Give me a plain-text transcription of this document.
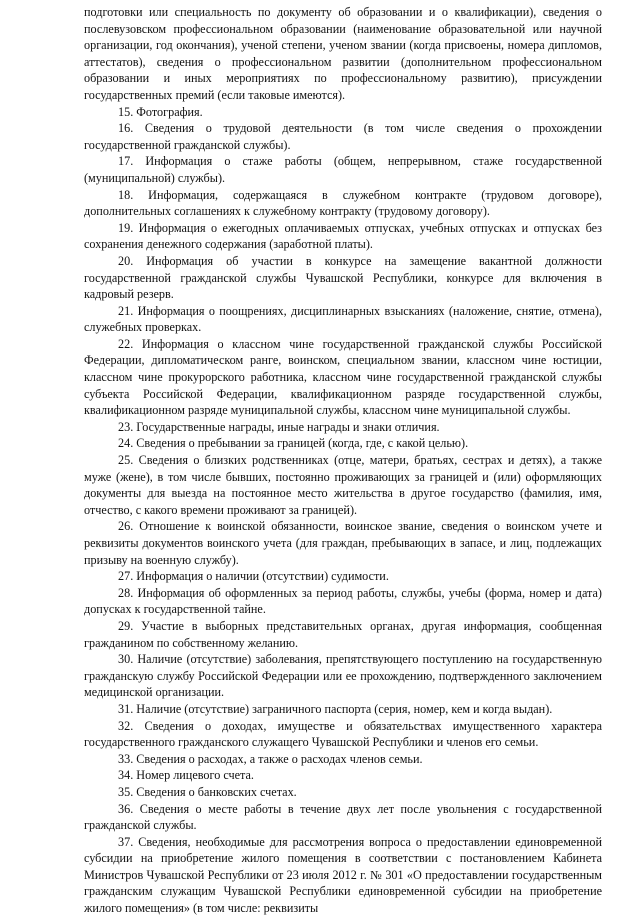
подготовки или специальность по документу об образовании и о квалификации), сведения о послевузовском профессиональном образовании (наименование образовательной или научной организации, год окончания), ученой степени, ученом звании (когда присвоены, номера дипломов, аттестатов), сведения о профессиональном развитии (дополнительном профессиональном образовании и иных мероприятиях по профессиональному развитию), присуждении государственных премий (если таковые имеются).

15. Фотография.

16. Сведения о трудовой деятельности (в том числе сведения о прохождении государственной гражданской службы).

17. Информация о стаже работы (общем, непрерывном, стаже государственной (муниципальной) службы).

18. Информация, содержащаяся в служебном контракте (трудовом договоре), дополнительных соглашениях к служебному контракту (трудовому договору).

19. Информация о ежегодных оплачиваемых отпусках, учебных отпусках и отпусках без сохранения денежного содержания (заработной платы).

20. Информация об участии в конкурсе на замещение вакантной должности государственной гражданской службы Чувашской Республики, конкурсе для включения в кадровый резерв.

21. Информация о поощрениях, дисциплинарных взысканиях (наложение, снятие, отмена), служебных проверках.

22. Информация о классном чине государственной гражданской службы Российской Федерации, дипломатическом ранге, воинском, специальном звании, классном чине юстиции, классном чине прокурорского работника, классном чине государственной гражданской службы субъекта Российской Федерации, квалификационном разряде государственной службы, квалификационном разряде муниципальной службы, классном чине муниципальной службы.

23. Государственные награды, иные награды и знаки отличия.

24. Сведения о пребывании за границей (когда, где, с какой целью).

25. Сведения о близких родственниках (отце, матери, братьях, сестрах и детях), а также муже (жене), в том числе бывших, постоянно проживающих за границей и (или) оформляющих документы для выезда на постоянное место жительства в другое государство (фамилия, имя, отчество, с какого времени проживают за границей).

26. Отношение к воинской обязанности, воинское звание, сведения о воинском учете и реквизиты документов воинского учета (для граждан, пребывающих в запасе, и лиц, подлежащих призыву на военную службу).

27. Информация о наличии (отсутствии) судимости.

28. Информация об оформленных за период работы, службы, учебы (форма, номер и дата) допусках к государственной тайне.

29. Участие в выборных представительных органах, другая информация, сообщенная гражданином по собственному желанию.

30. Наличие (отсутствие) заболевания, препятствующего поступлению на государственную гражданскую службу Российской Федерации или ее прохождению, подтвержденного заключением медицинской организации.

31. Наличие (отсутствие) заграничного паспорта (серия, номер, кем и когда выдан).

32. Сведения о доходах, имуществе и обязательствах имущественного характера государственного гражданского служащего Чувашской Республики и членов его семьи.

33. Сведения о расходах, а также о расходах членов семьи.

34. Номер лицевого счета.

35. Сведения о банковских счетах.

36. Сведения о месте работы в течение двух лет после увольнения с государственной гражданской службы.

37. Сведения, необходимые для рассмотрения вопроса о предоставлении единовременной субсидии на приобретение жилого помещения в соответствии с постановлением Кабинета Министров Чувашской Республики от 23 июля 2012 г. № 301 «О предоставлении государственным гражданским служащим Чувашской Республики единовременной субсидии на приобретение жилого помещения» (в том числе: реквизиты
